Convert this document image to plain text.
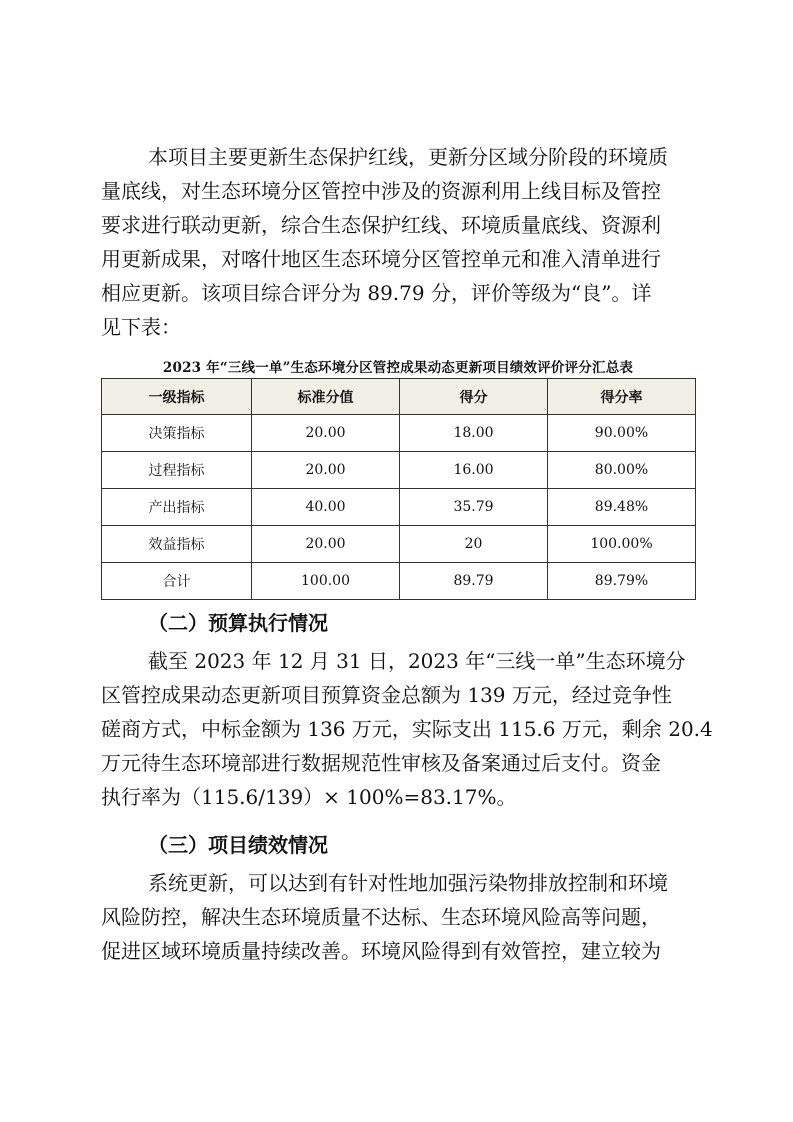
本项目主要更新生态保护红线，更新分区域分阶段的环境质
量底线，对生态环境分区管控中涉及的资源利用上线目标及管控
要求进行联动更新，综合生态保护红线、环境质量底线、资源利
用更新成果，对喀什地区生态环境分区管控单元和准入清单进行
相应更新。该项目综合评分为 89.79 分，评价等级为“良”。详
见下表：
2023 年“三线一单”生态环境分区管控成果动态更新项目绩效评价评分汇总表
一级指标	标准分值	得分	得分率
决策指标	20.00	18.00	90.00%
过程指标	20.00	16.00	80.00%
产出指标	40.00	35.79	89.48%
效益指标	20.00	20	100.00%
合计	100.00	89.79	89.79%
（二）预算执行情况
截至 2023 年 12 月 31 日，2023 年“三线一单”生态环境分
区管控成果动态更新项目预算资金总额为 139 万元，经过竞争性
磋商方式，中标金额为 136 万元，实际支出 115.6 万元，剩余 20.4
万元待生态环境部进行数据规范性审核及备案通过后支付。资金
执行率为（115.6/139）× 100%=83.17%。
（三）项目绩效情况
系统更新，可以达到有针对性地加强污染物排放控制和环境
风险防控，解决生态环境质量不达标、生态环境风险高等问题，
促进区域环境质量持续改善。环境风险得到有效管控，建立较为
